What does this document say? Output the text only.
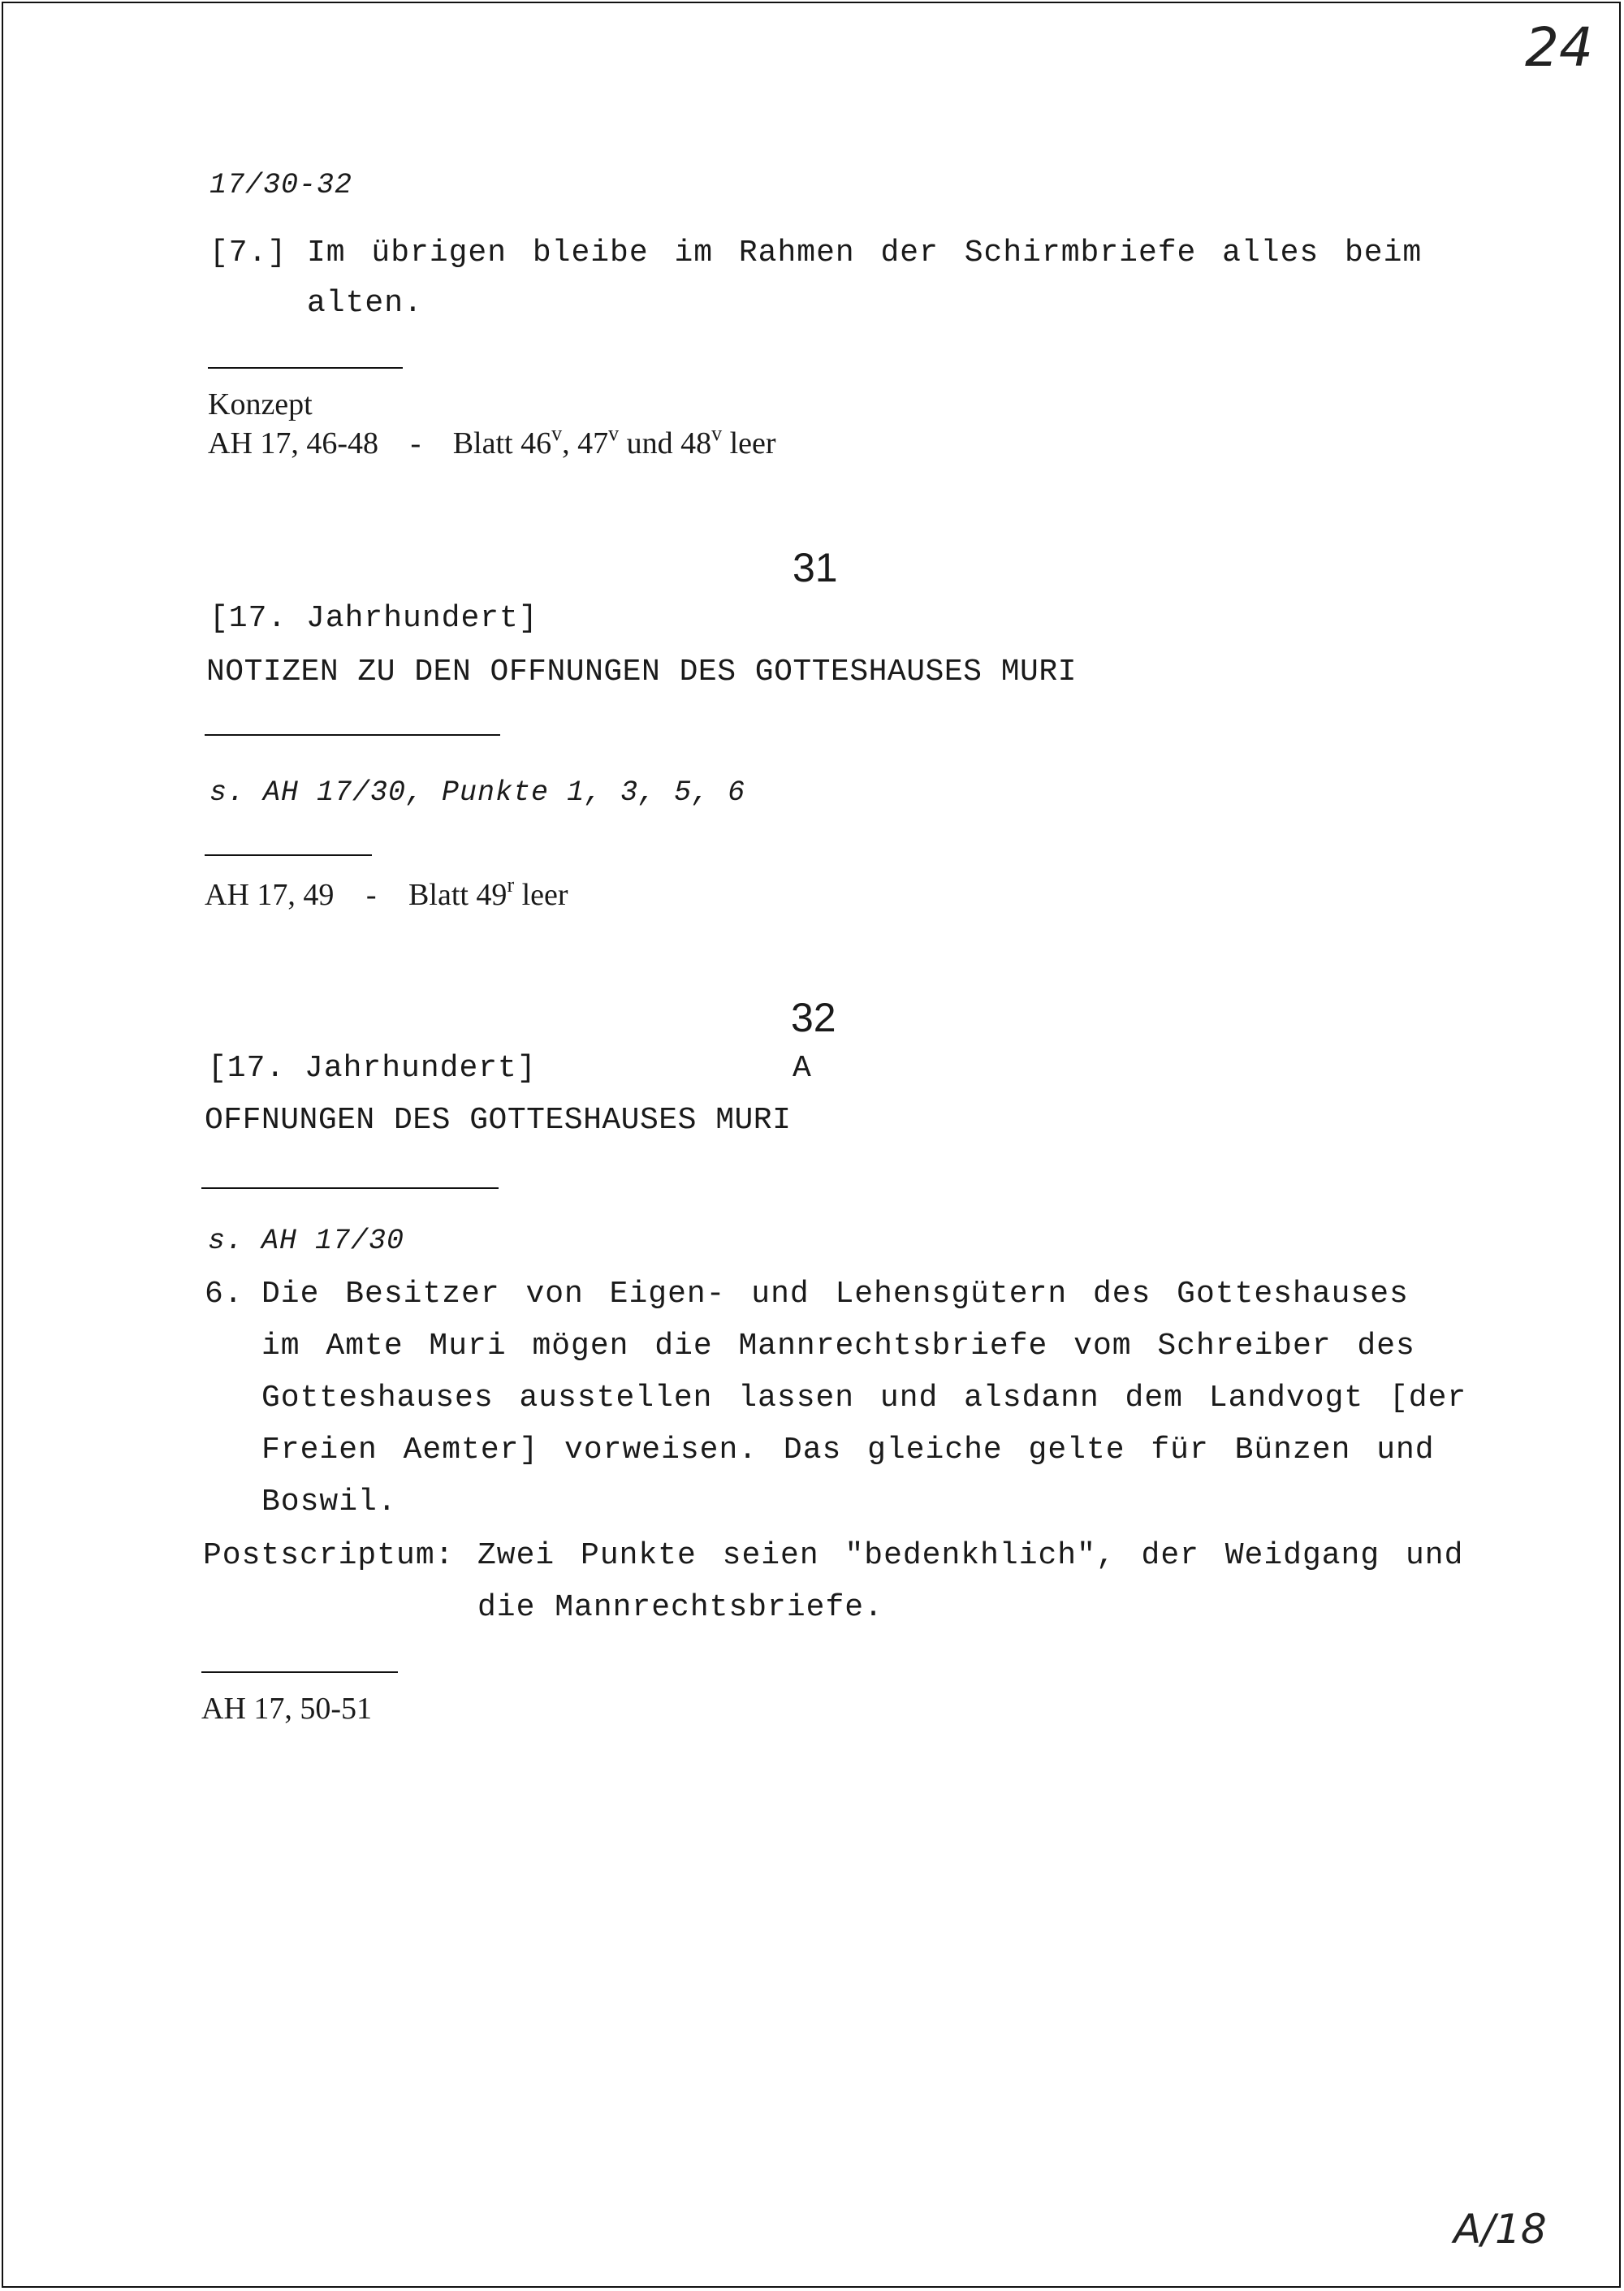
24
17/30-32
[7.] Im übrigen bleibe im Rahmen der Schirmbriefe alles beim
alten.
Konzept
AH 17, 46-48 - Blatt 46$^v$, 47$^v$ und 48$^v$ leer
31
[17. Jahrhundert]
NOTIZEN ZU DEN OFFNUNGEN DES GOTTESHAUSES MURI
s. AH 17/30, Punkte 1, 3, 5, 6
AH 17, 49 - Blatt 49$^r$ leer
32
[17. Jahrhundert]	A
OFFNUNGEN DES GOTTESHAUSES MURI
s. AH 17/30
6. Die Besitzer von Eigen- und Lehensgütern des Gotteshauses
im Amte Muri mögen die Mannrechtsbriefe vom Schreiber des
Gotteshauses ausstellen lassen und alsdann dem Landvogt [der
Freien Aemter] vorweisen. Das gleiche gelte für Bünzen und
Boswil.
Postscriptum: Zwei Punkte seien "bedenkhlich", der Weidgang und
die Mannrechtsbriefe.
AH 17, 50-51
A/18
